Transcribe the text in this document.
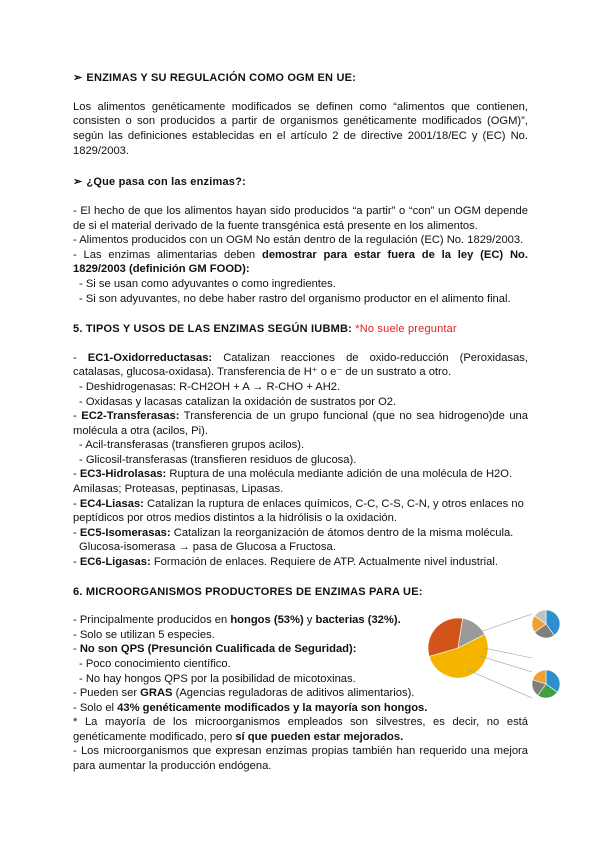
➢ ENZIMAS Y SU REGULACIÓN COMO OGM EN UE:
Los alimentos genéticamente modificados se definen como “alimentos que contienen,
consisten o son producidos a partir de organismos genéticamente modificados (OGM)”,
según las definiciones establecidas en el artículo 2 de directive 2001/18/EC y (EC) No.
1829/2003.
➢ ¿Que pasa con las enzimas?:
- El hecho de que los alimentos hayan sido producidos “a partir” o “con” un OGM depende
de si el material derivado de la fuente transgénica está presente en los alimentos.
- Alimentos producidos con un OGM No están dentro de la regulación (EC) No. 1829/2003.
- Las enzimas alimentarias deben demostrar para estar fuera de la ley (EC) No.
1829/2003 (definición GM FOOD):
- Si se usan como adyuvantes o como ingredientes.
- Si son adyuvantes, no debe haber rastro del organismo productor en el alimento final.
5. TIPOS Y USOS DE LAS ENZIMAS SEGÚN IUBMB: *No suele preguntar
- EC1-Oxidorreductasas: Catalizan reacciones de oxido-reducción (Peroxidasas,
catalasas, glucosa-oxidasa). Transferencia de H⁺ o e⁻ de un sustrato a otro.
- Deshidrogenasas: R-CH2OH + A → R-CHO + AH2.
- Oxidasas y lacasas catalizan la oxidación de sustratos por O2.
- EC2-Transferasas: Transferencia de un grupo funcional (que no sea hidrogeno)de una
molécula a otra (acilos, Pi).
- Acil-transferasas (transfieren grupos acilos).
- Glicosil-transferasas (transfieren residuos de glucosa).
- EC3-Hidrolasas: Ruptura de una molécula mediante adición de una molécula de H2O.
Amilasas; Proteasas, peptinasas, Lipasas.
- EC4-Liasas: Catalizan la ruptura de enlaces químicos, C-C, C-S, C-N, y otros enlaces no
peptídicos por otros medios distintos a la hidrólisis o la oxidación.
- EC5-Isomerasas: Catalizan la reorganización de átomos dentro de la misma molécula.
Glucosa-isomerasa → pasa de Glucosa a Fructosa.
- EC6-Ligasas: Formación de enlaces. Requiere de ATP. Actualmente nivel industrial.
6. MICROORGANISMOS PRODUCTORES DE ENZIMAS PARA UE:
- Principalmente producidos en hongos (53%) y bacterias (32%).
- Solo se utilizan 5 especies.
- No son QPS (Presunción Cualificada de Seguridad):
- Poco conocimiento científico.
- No hay hongos QPS por la posibilidad de micotoxinas.
- Pueden ser GRAS (Agencias reguladoras de aditivos alimentarios).
- Solo el 43% genéticamente modificados y la mayoría son hongos.
* La mayoría de los microorganismos empleados son silvestres, es decir, no está
genéticamente modificado, pero sí que pueden estar mejorados.
- Los microorganismos que expresan enzimas propias también han requerido una mejora
para aumentar la producción endógena.
